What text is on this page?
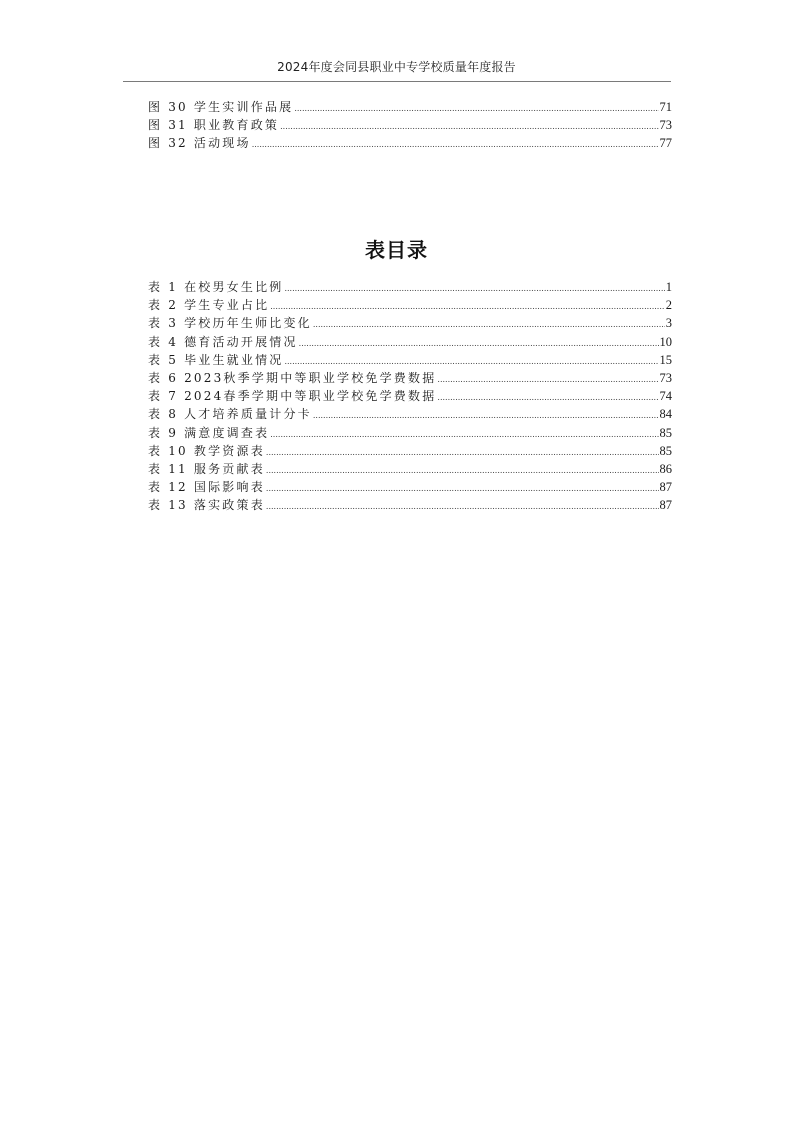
2024年度会同县职业中专学校质量年度报告
图 30 学生实训作品展 .....	71
图 31 职业教育政策 .....	73
图 32 活动现场 .....	77
表目录
表 1 在校男女生比例 .....	1
表 2 学生专业占比 .....	2
表 3 学校历年生师比变化 .....	3
表 4 德育活动开展情况 .....	10
表 5 毕业生就业情况 .....	15
表 6 2023秋季学期中等职业学校免学费数据 .....	73
表 7 2024春季学期中等职业学校免学费数据 .....	74
表 8 人才培养质量计分卡 .....	84
表 9 满意度调查表 .....	85
表 10 教学资源表 .....	85
表 11 服务贡献表 .....	86
表 12 国际影响表 .....	87
表 13 落实政策表 .....	87
